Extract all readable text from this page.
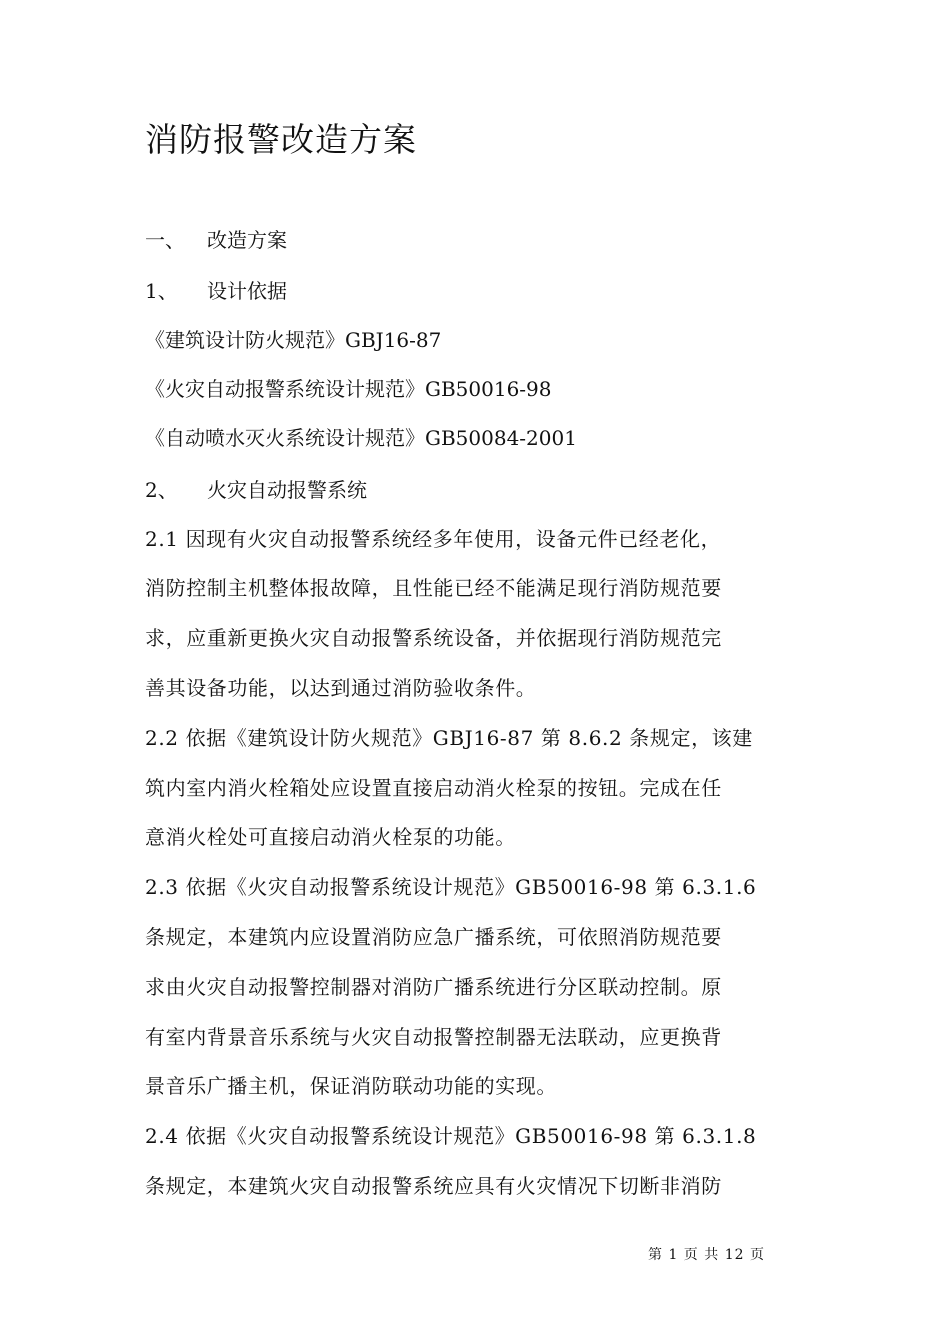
消防报警改造方案
一、 改造方案
1、 设计依据
《建筑设计防火规范》GBJ16-87
《火灾自动报警系统设计规范》GB50016-98
《自动喷水灭火系统设计规范》GB50084-2001
2、 火灾自动报警系统
2.1 因现有火灾自动报警系统经多年使用，设备元件已经老化，
消防控制主机整体报故障，且性能已经不能满足现行消防规范要
求，应重新更换火灾自动报警系统设备，并依据现行消防规范完
善其设备功能，以达到通过消防验收条件。
2.2 依据《建筑设计防火规范》GBJ16-87 第 8.6.2 条规定，该建
筑内室内消火栓箱处应设置直接启动消火栓泵的按钮。完成在任
意消火栓处可直接启动消火栓泵的功能。
2.3 依据《火灾自动报警系统设计规范》GB50016-98 第 6.3.1.6
条规定，本建筑内应设置消防应急广播系统，可依照消防规范要
求由火灾自动报警控制器对消防广播系统进行分区联动控制。原
有室内背景音乐系统与火灾自动报警控制器无法联动，应更换背
景音乐广播主机，保证消防联动功能的实现。
2.4 依据《火灾自动报警系统设计规范》GB50016-98 第 6.3.1.8
条规定，本建筑火灾自动报警系统应具有火灾情况下切断非消防
第 1 页 共 12 页
